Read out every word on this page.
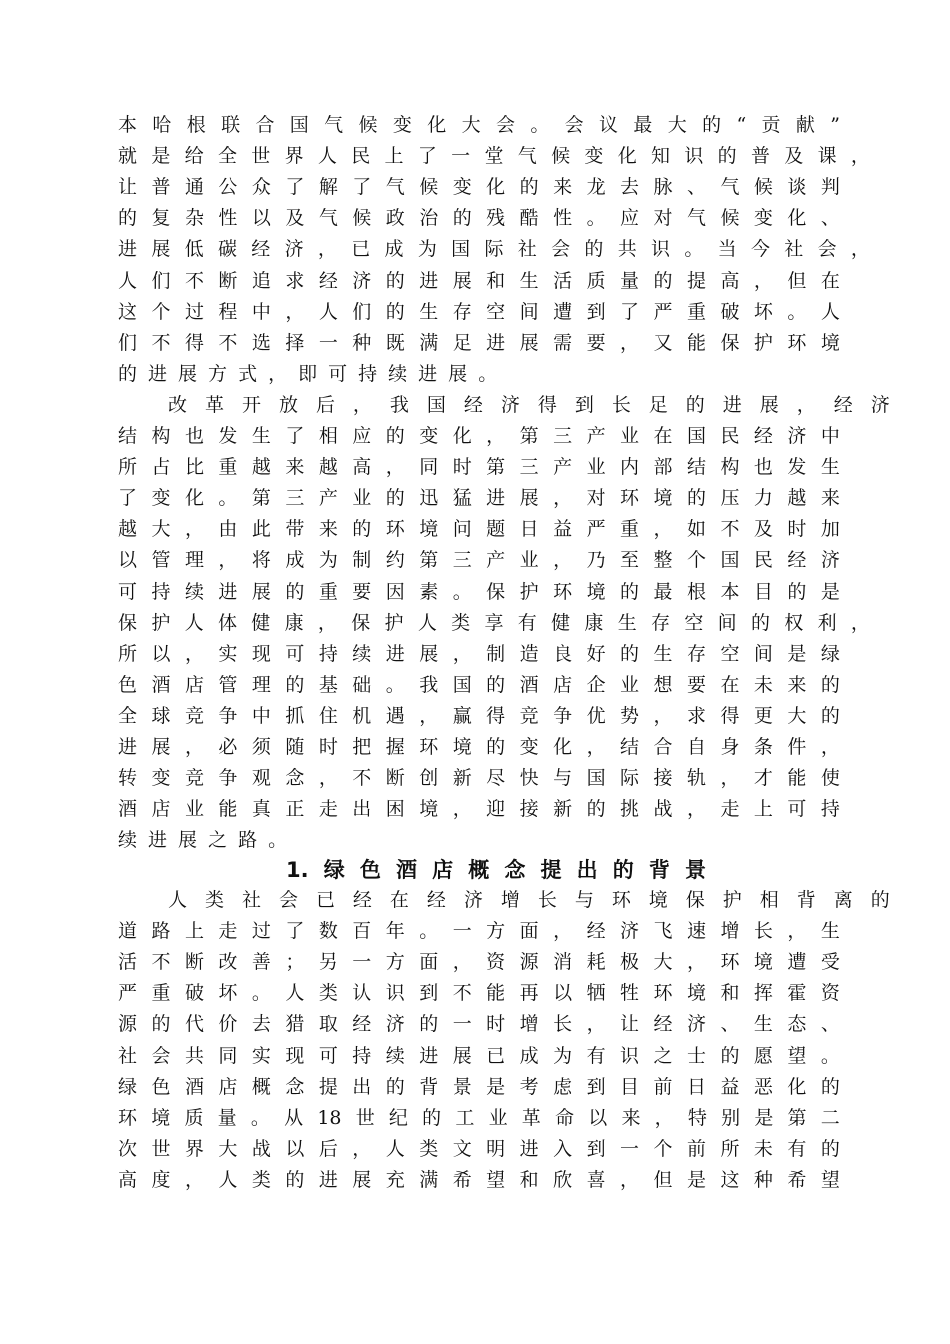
本 哈 根 联 合 国 气 候 变 化 大 会 。 会 议 最 大 的 “ 贡 献 ”
就 是 给 全 世 界 人 民 上 了 一 堂 气 候 变 化 知 识 的 普 及 课 ，
让 普 通 公 众 了 解 了 气 候 变 化 的 来 龙 去 脉 、 气 候 谈 判
的 复 杂 性 以 及 气 候 政 治 的 残 酷 性 。 应 对 气 候 变 化 、
进 展 低 碳 经 济 ， 已 成 为 国 际 社 会 的 共 识 。 当 今 社 会 ，
人 们 不 断 追 求 经 济 的 进 展 和 生 活 质 量 的 提 高 ， 但 在
这 个 过 程 中 ， 人 们 的 生 存 空 间 遭 到 了 严 重 破 坏 。 人
们 不 得 不 选 择 一 种 既 满 足 进 展 需 要 ， 又 能 保 护 环 境
的 进 展 方 式 ， 即 可 持 续 进 展 。
改 革 开 放 后 ， 我 国 经 济 得 到 长 足 的 进 展 ， 经 济
结 构 也 发 生 了 相 应 的 变 化 ， 第 三 产 业 在 国 民 经 济 中
所 占 比 重 越 来 越 高 ， 同 时 第 三 产 业 内 部 结 构 也 发 生
了 变 化 。 第 三 产 业 的 迅 猛 进 展 ， 对 环 境 的 压 力 越 来
越 大 ， 由 此 带 来 的 环 境 问 题 日 益 严 重 ， 如 不 及 时 加
以 管 理 ， 将 成 为 制 约 第 三 产 业 ， 乃 至 整 个 国 民 经 济
可 持 续 进 展 的 重 要 因 素 。 保 护 环 境 的 最 根 本 目 的 是
保 护 人 体 健 康 ， 保 护 人 类 享 有 健 康 生 存 空 间 的 权 利 ，
所 以 ， 实 现 可 持 续 进 展 ， 制 造 良 好 的 生 存 空 间 是 绿
色 酒 店 管 理 的 基 础 。 我 国 的 酒 店 企 业 想 要 在 未 来 的
全 球 竞 争 中 抓 住 机 遇 ， 赢 得 竞 争 优 势 ， 求 得 更 大 的
进 展 ， 必 须 随 时 把 握 环 境 的 变 化 ， 结 合 自 身 条 件 ，
转 变 竞 争 观 念 ， 不 断 创 新 尽 快 与 国 际 接 轨 ， 才 能 使
酒 店 业 能 真 正 走 出 困 境 ， 迎 接 新 的 挑 战 ， 走 上 可 持
续 进 展 之 路 。
1. 绿 色 酒 店 概 念 提 出 的 背 景
人 类 社 会 已 经 在 经 济 增 长 与 环 境 保 护 相 背 离 的
道 路 上 走 过 了 数 百 年 。 一 方 面 ， 经 济 飞 速 增 长 ， 生
活 不 断 改 善 ； 另 一 方 面 ， 资 源 消 耗 极 大 ， 环 境 遭 受
严 重 破 坏 。 人 类 认 识 到 不 能 再 以 牺 牲 环 境 和 挥 霍 资
源 的 代 价 去 猎 取 经 济 的 一 时 增 长 ， 让 经 济 、 生 态 、
社 会 共 同 实 现 可 持 续 进 展 已 成 为 有 识 之 士 的 愿 望 。
绿 色 酒 店 概 念 提 出 的 背 景 是 考 虑 到 目 前 日 益 恶 化 的
环 境 质 量 。 从 18 世 纪 的 工 业 革 命 以 来 ， 特 别 是 第 二
次 世 界 大 战 以 后 ， 人 类 文 明 进 入 到 一 个 前 所 未 有 的
高 度 ， 人 类 的 进 展 充 满 希 望 和 欣 喜 ， 但 是 这 种 希 望
